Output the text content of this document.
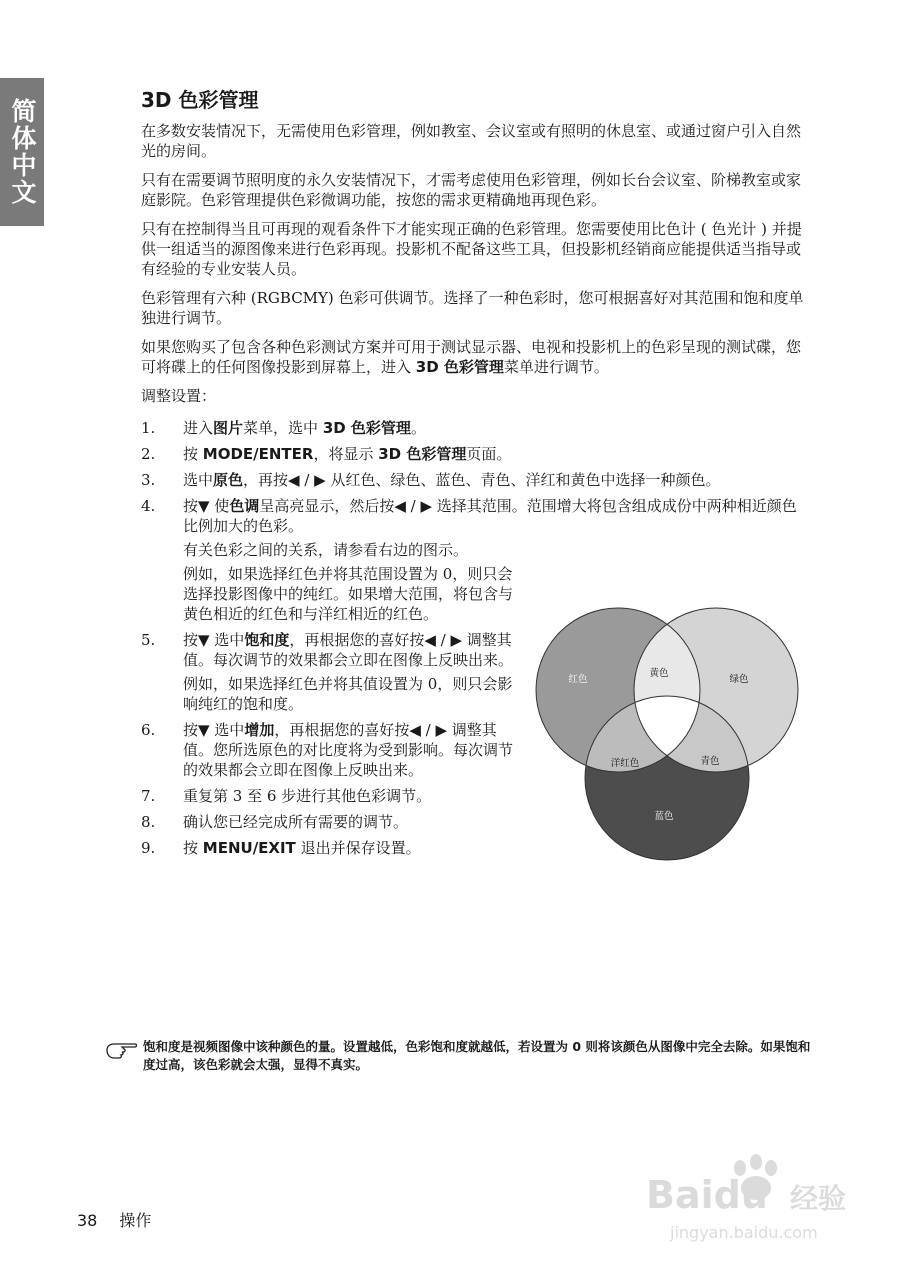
简体中文	3D 色彩管理

在多数安装情况下，无需使用色彩管理，例如教室、会议室或有照明的休息室、或通过窗户引入自然光的房间。

只有在需要调节照明度的永久安装情况下，才需考虑使用色彩管理，例如长台会议室、阶梯教室或家庭影院。色彩管理提供色彩微调功能，按您的需求更精确地再现色彩。

只有在控制得当且可再现的观看条件下才能实现正确的色彩管理。您需要使用比色计 ( 色光计 ) 并提供一组适当的源图像来进行色彩再现。投影机不配备这些工具，但投影机经销商应能提供适当指导或有经验的专业安装人员。

色彩管理有六种 (RGBCMY) 色彩可供调节。选择了一种色彩时，您可根据喜好对其范围和饱和度单独进行调节。

如果您购买了包含各种色彩测试方案并可用于测试显示器、电视和投影机上的色彩呈现的测试碟，您可将碟上的任何图像投影到屏幕上，进入 3D 色彩管理菜单进行调节。

调整设置：

1. 进入图片菜单，选中 3D 色彩管理。
2. 按 MODE/ENTER，将显示 3D 色彩管理页面。
3. 选中原色，再按◀ / ▶ 从红色、绿色、蓝色、青色、洋红和黄色中选择一种颜色。
4. 按▼ 使色调呈高亮显示，然后按◀ / ▶ 选择其范围。范围增大将包含组成成份中两种相近颜色比例加大的色彩。
有关色彩之间的关系，请参看右边的图示。
例如，如果选择红色并将其范围设置为 0，则只会选择投影图像中的纯红。如果增大范围，将包含与黄色相近的红色和与洋红相近的红色。
5. 按▼ 选中饱和度，再根据您的喜好按◀ / ▶ 调整其值。每次调节的效果都会立即在图像上反映出来。
例如，如果选择红色并将其值设置为 0，则只会影响纯红的饱和度。
6. 按▼ 选中增加，再根据您的喜好按◀ / ▶ 调整其值。您所选原色的对比度将为受到影响。每次调节的效果都会立即在图像上反映出来。
7. 重复第 3 至 6 步进行其他色彩调节。
8. 确认您已经完成所有需要的调节。
9. 按 MENU/EXIT 退出并保存设置。
红色
黄色
绿色
洋红色	青色
蓝色
饱和度是视频图像中该种颜色的量。设置越低，色彩饱和度就越低，若设置为 0 则将该颜色从图像中完全去除。如果饱和度过高，该色彩就会太强，显得不真实。
38 操作
Baidu 经验
jingyan.baidu.com
